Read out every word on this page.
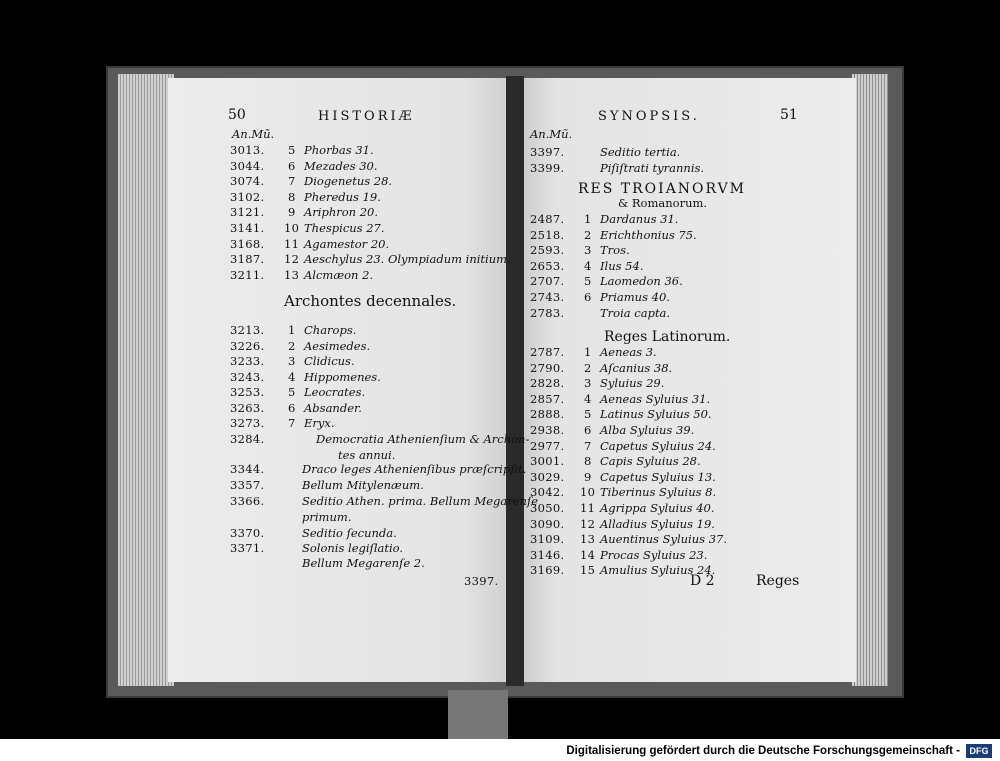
50	HISTORIÆ
An.Mũ.
3013. 5 Phorbas 31.
3044. 6 Mezades 30.
3074. 7 Diogenetus 28.
3102. 8 Pheredus 19.
3121. 9 Ariphron 20.
3141. 10 Thespicus 27.
3168. 11 Agamestor 20.
3187. 12 Aeschylus 23. Olympiadum initium.
3211. 13 Alcmæon 2.
Archontes decennales.
3213. 1 Charops.
3226. 2 Aesimedes.
3233. 3 Clidicus.
3243. 4 Hippomenes.
3253. 5 Leocrates.
3263. 6 Absander.
3273. 7 Eryx.
3284.	Democratia Athenienſium & Archon-
tes annui.
3344.	Draco leges Athenienſibus præſcripſit.
3357.	Bellum Mitylenæum.
3366.	Seditio Athen. prima. Bellum Megarenſe
primum.
3370.	Seditio ſecunda.
3371.	Solonis legiſlatio.
Bellum Megarenſe 2.
3397.
SYNOPSIS.	51
An.Mũ.
3397.	Seditio tertia.
3399.	Piſiſtrati tyrannis.
RES TROIANORVM
& Romanorum.
2487. 1 Dardanus 31.
2518. 2 Erichthonius 75.
2593. 3 Tros.
2653. 4 Ilus 54.
2707. 5 Laomedon 36.
2743. 6 Priamus 40.
2783.	Troia capta.
Reges Latinorum.
2787. 1 Aeneas 3.
2790. 2 Aſcanius 38.
2828. 3 Syluius 29.
2857. 4 Aeneas Syluius 31.
2888. 5 Latinus Syluius 50.
2938. 6 Alba Syluius 39.
2977. 7 Capetus Syluius 24.
3001. 8 Capis Syluius 28.
3029. 9 Capetus Syluius 13.
3042. 10 Tiberinus Syluius 8.
3050. 11 Agrippa Syluius 40.
3090. 12 Alladius Syluius 19.
3109. 13 Auentinus Syluius 37.
3146. 14 Procas Syluius 23.
3169. 15 Amulius Syluius 24.
D 2	Reges
Digitalisierung gefördert durch die Deutsche Forschungsgemeinschaft -	DFG
